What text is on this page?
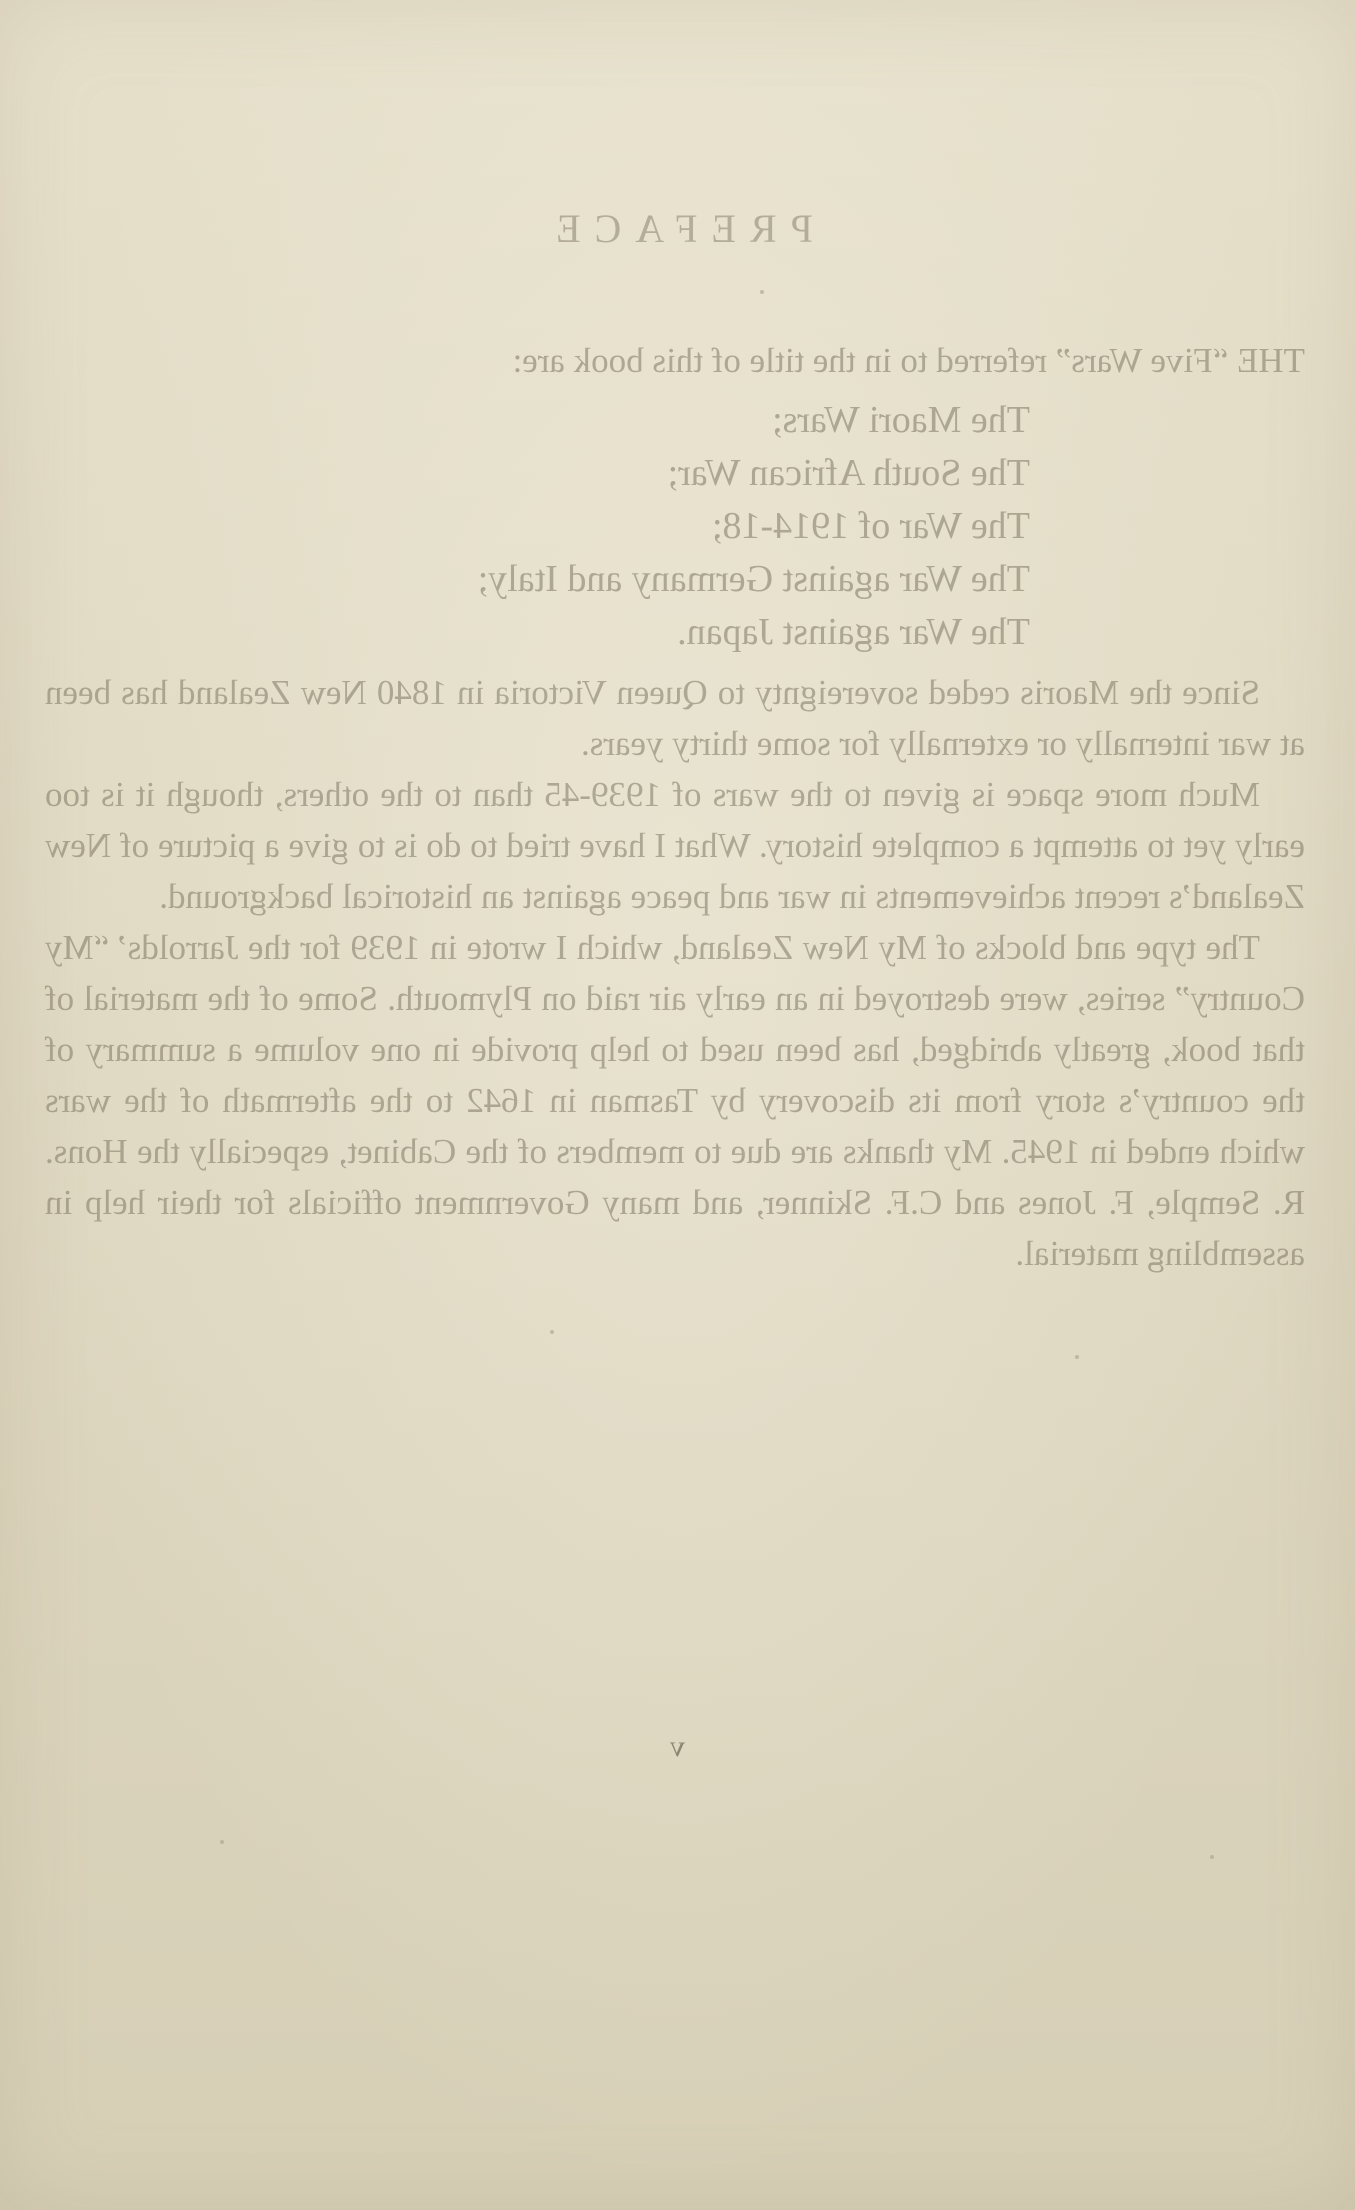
PREFACE

THE “Five Wars” referred to in the title of this book are:

The Maori Wars;
The South African War;
The War of 1914-18;
The War against Germany and Italy;
The War against Japan.

Since the Maoris ceded sovereignty to Queen Victoria in 1840 New Zealand has been at war internally or externally for some thirty years.

Much more space is given to the wars of 1939-45 than to the others, though it is too early yet to attempt a complete history. What I have tried to do is to give a picture of New Zealand’s recent achievements in war and peace against an historical background.

The type and blocks of My New Zealand, which I wrote in 1939 for the Jarrolds’ “My Country” series, were destroyed in an early air raid on Plymouth. Some of the material of that book, greatly abridged, has been used to help provide in one volume a summary of the country’s story from its discovery by Tasman in 1642 to the aftermath of the wars which ended in 1945. My thanks are due to members of the Cabinet, especially the Hons. R. Semple, F. Jones and C.F. Skinner, and many Government officials for their help in assembling material.

v
